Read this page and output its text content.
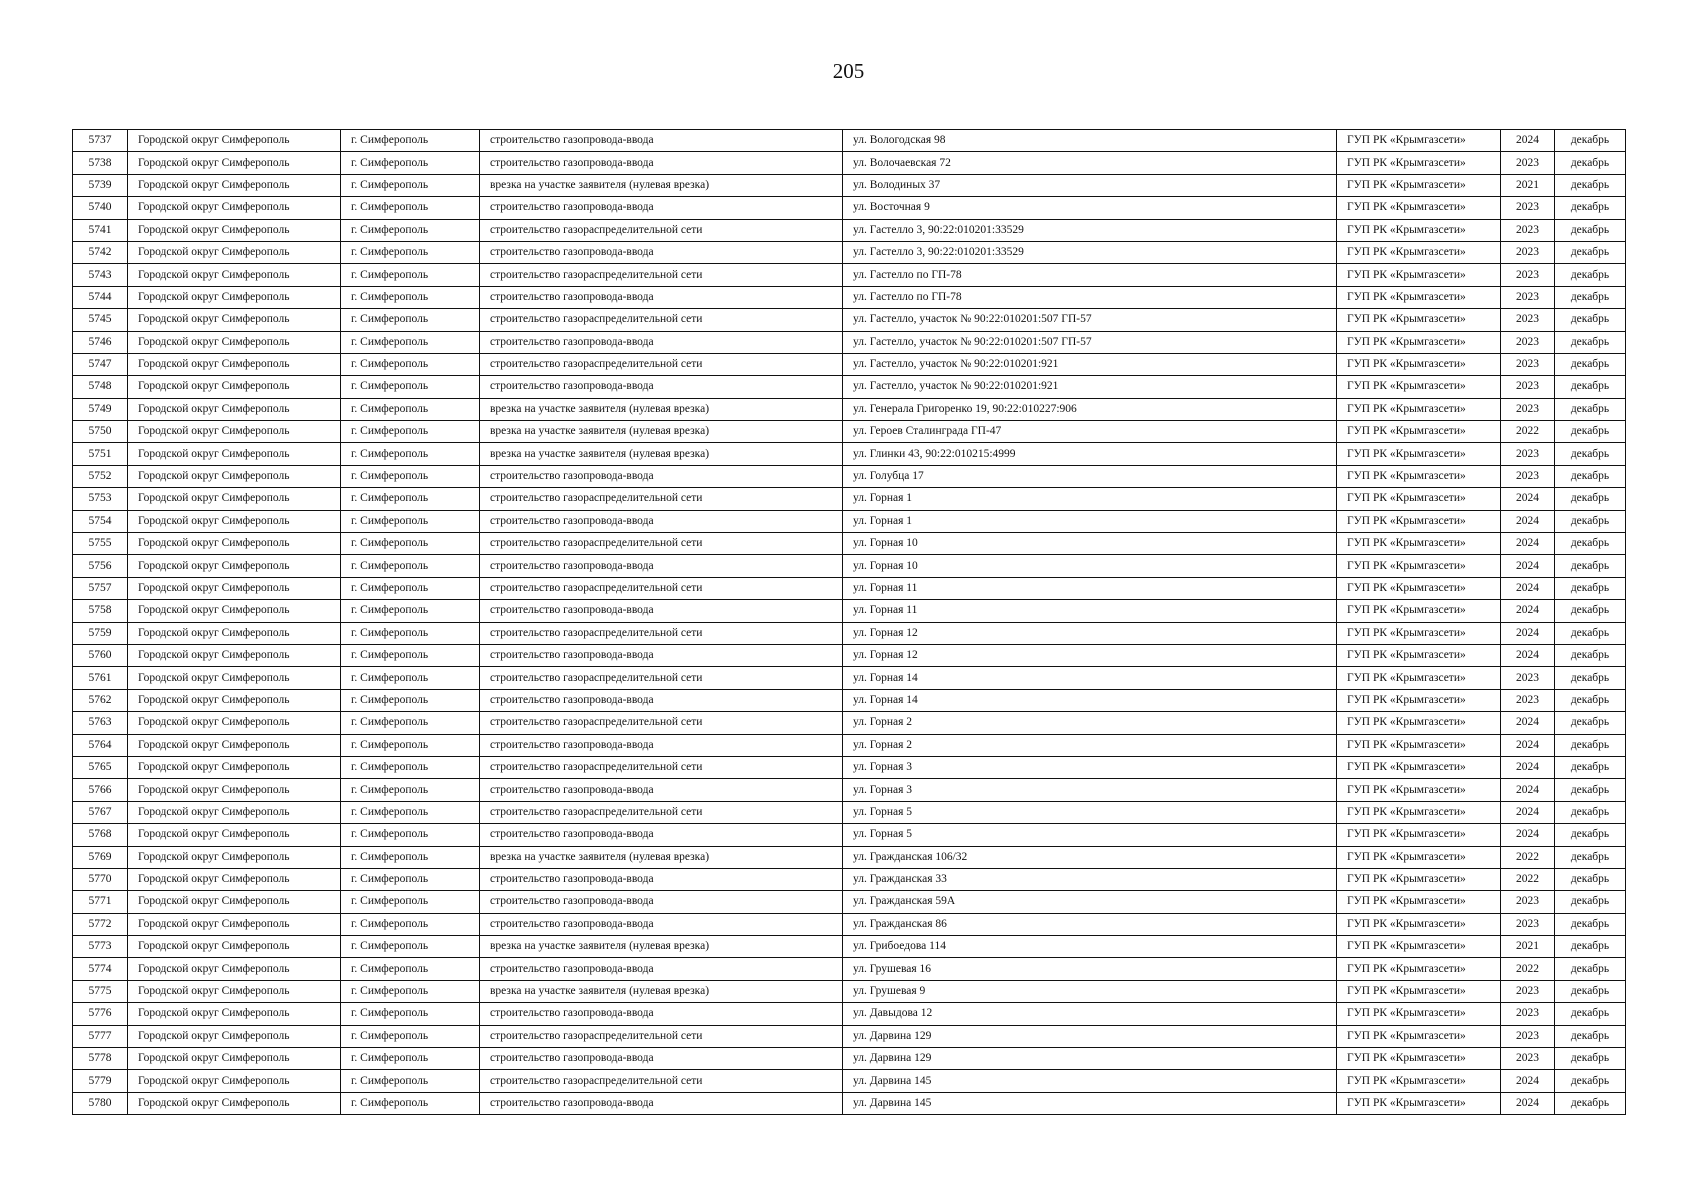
205
5737	Городской округ Симферополь	г. Симферополь	строительство газопровода-ввода	ул. Вологодская 98	ГУП РК «Крымгазсети»	2024	декабрь
5738	Городской округ Симферополь	г. Симферополь	строительство газопровода-ввода	ул. Волочаевская 72	ГУП РК «Крымгазсети»	2023	декабрь
5739	Городской округ Симферополь	г. Симферополь	врезка на участке заявителя (нулевая врезка)	ул. Володиных 37	ГУП РК «Крымгазсети»	2021	декабрь
5740	Городской округ Симферополь	г. Симферополь	строительство газопровода-ввода	ул. Восточная 9	ГУП РК «Крымгазсети»	2023	декабрь
5741	Городской округ Симферополь	г. Симферополь	строительство газораспределительной сети	ул. Гастелло 3, 90:22:010201:33529	ГУП РК «Крымгазсети»	2023	декабрь
5742	Городской округ Симферополь	г. Симферополь	строительство газопровода-ввода	ул. Гастелло 3, 90:22:010201:33529	ГУП РК «Крымгазсети»	2023	декабрь
5743	Городской округ Симферополь	г. Симферополь	строительство газораспределительной сети	ул. Гастелло по ГП-78	ГУП РК «Крымгазсети»	2023	декабрь
5744	Городской округ Симферополь	г. Симферополь	строительство газопровода-ввода	ул. Гастелло по ГП-78	ГУП РК «Крымгазсети»	2023	декабрь
5745	Городской округ Симферополь	г. Симферополь	строительство газораспределительной сети	ул. Гастелло, участок № 90:22:010201:507 ГП-57	ГУП РК «Крымгазсети»	2023	декабрь
5746	Городской округ Симферополь	г. Симферополь	строительство газопровода-ввода	ул. Гастелло, участок № 90:22:010201:507 ГП-57	ГУП РК «Крымгазсети»	2023	декабрь
5747	Городской округ Симферополь	г. Симферополь	строительство газораспределительной сети	ул. Гастелло, участок № 90:22:010201:921	ГУП РК «Крымгазсети»	2023	декабрь
5748	Городской округ Симферополь	г. Симферополь	строительство газопровода-ввода	ул. Гастелло, участок № 90:22:010201:921	ГУП РК «Крымгазсети»	2023	декабрь
5749	Городской округ Симферополь	г. Симферополь	врезка на участке заявителя (нулевая врезка)	ул. Генерала Григоренко 19, 90:22:010227:906	ГУП РК «Крымгазсети»	2023	декабрь
5750	Городской округ Симферополь	г. Симферополь	врезка на участке заявителя (нулевая врезка)	ул. Героев Сталинграда ГП-47	ГУП РК «Крымгазсети»	2022	декабрь
5751	Городской округ Симферополь	г. Симферополь	врезка на участке заявителя (нулевая врезка)	ул. Глинки 43, 90:22:010215:4999	ГУП РК «Крымгазсети»	2023	декабрь
5752	Городской округ Симферополь	г. Симферополь	строительство газопровода-ввода	ул. Голубца 17	ГУП РК «Крымгазсети»	2023	декабрь
5753	Городской округ Симферополь	г. Симферополь	строительство газораспределительной сети	ул. Горная 1	ГУП РК «Крымгазсети»	2024	декабрь
5754	Городской округ Симферополь	г. Симферополь	строительство газопровода-ввода	ул. Горная 1	ГУП РК «Крымгазсети»	2024	декабрь
5755	Городской округ Симферополь	г. Симферополь	строительство газораспределительной сети	ул. Горная 10	ГУП РК «Крымгазсети»	2024	декабрь
5756	Городской округ Симферополь	г. Симферополь	строительство газопровода-ввода	ул. Горная 10	ГУП РК «Крымгазсети»	2024	декабрь
5757	Городской округ Симферополь	г. Симферополь	строительство газораспределительной сети	ул. Горная 11	ГУП РК «Крымгазсети»	2024	декабрь
5758	Городской округ Симферополь	г. Симферополь	строительство газопровода-ввода	ул. Горная 11	ГУП РК «Крымгазсети»	2024	декабрь
5759	Городской округ Симферополь	г. Симферополь	строительство газораспределительной сети	ул. Горная 12	ГУП РК «Крымгазсети»	2024	декабрь
5760	Городской округ Симферополь	г. Симферополь	строительство газопровода-ввода	ул. Горная 12	ГУП РК «Крымгазсети»	2024	декабрь
5761	Городской округ Симферополь	г. Симферополь	строительство газораспределительной сети	ул. Горная 14	ГУП РК «Крымгазсети»	2023	декабрь
5762	Городской округ Симферополь	г. Симферополь	строительство газопровода-ввода	ул. Горная 14	ГУП РК «Крымгазсети»	2023	декабрь
5763	Городской округ Симферополь	г. Симферополь	строительство газораспределительной сети	ул. Горная 2	ГУП РК «Крымгазсети»	2024	декабрь
5764	Городской округ Симферополь	г. Симферополь	строительство газопровода-ввода	ул. Горная 2	ГУП РК «Крымгазсети»	2024	декабрь
5765	Городской округ Симферополь	г. Симферополь	строительство газораспределительной сети	ул. Горная 3	ГУП РК «Крымгазсети»	2024	декабрь
5766	Городской округ Симферополь	г. Симферополь	строительство газопровода-ввода	ул. Горная 3	ГУП РК «Крымгазсети»	2024	декабрь
5767	Городской округ Симферополь	г. Симферополь	строительство газораспределительной сети	ул. Горная 5	ГУП РК «Крымгазсети»	2024	декабрь
5768	Городской округ Симферополь	г. Симферополь	строительство газопровода-ввода	ул. Горная 5	ГУП РК «Крымгазсети»	2024	декабрь
5769	Городской округ Симферополь	г. Симферополь	врезка на участке заявителя (нулевая врезка)	ул. Гражданская 106/32	ГУП РК «Крымгазсети»	2022	декабрь
5770	Городской округ Симферополь	г. Симферополь	строительство газопровода-ввода	ул. Гражданская 33	ГУП РК «Крымгазсети»	2022	декабрь
5771	Городской округ Симферополь	г. Симферополь	строительство газопровода-ввода	ул. Гражданская 59А	ГУП РК «Крымгазсети»	2023	декабрь
5772	Городской округ Симферополь	г. Симферополь	строительство газопровода-ввода	ул. Гражданская 86	ГУП РК «Крымгазсети»	2023	декабрь
5773	Городской округ Симферополь	г. Симферополь	врезка на участке заявителя (нулевая врезка)	ул. Грибоедова 114	ГУП РК «Крымгазсети»	2021	декабрь
5774	Городской округ Симферополь	г. Симферополь	строительство газопровода-ввода	ул. Грушевая 16	ГУП РК «Крымгазсети»	2022	декабрь
5775	Городской округ Симферополь	г. Симферополь	врезка на участке заявителя (нулевая врезка)	ул. Грушевая 9	ГУП РК «Крымгазсети»	2023	декабрь
5776	Городской округ Симферополь	г. Симферополь	строительство газопровода-ввода	ул. Давыдова 12	ГУП РК «Крымгазсети»	2023	декабрь
5777	Городской округ Симферополь	г. Симферополь	строительство газораспределительной сети	ул. Дарвина 129	ГУП РК «Крымгазсети»	2023	декабрь
5778	Городской округ Симферополь	г. Симферополь	строительство газопровода-ввода	ул. Дарвина 129	ГУП РК «Крымгазсети»	2023	декабрь
5779	Городской округ Симферополь	г. Симферополь	строительство газораспределительной сети	ул. Дарвина 145	ГУП РК «Крымгазсети»	2024	декабрь
5780	Городской округ Симферополь	г. Симферополь	строительство газопровода-ввода	ул. Дарвина 145	ГУП РК «Крымгазсети»	2024	декабрь
